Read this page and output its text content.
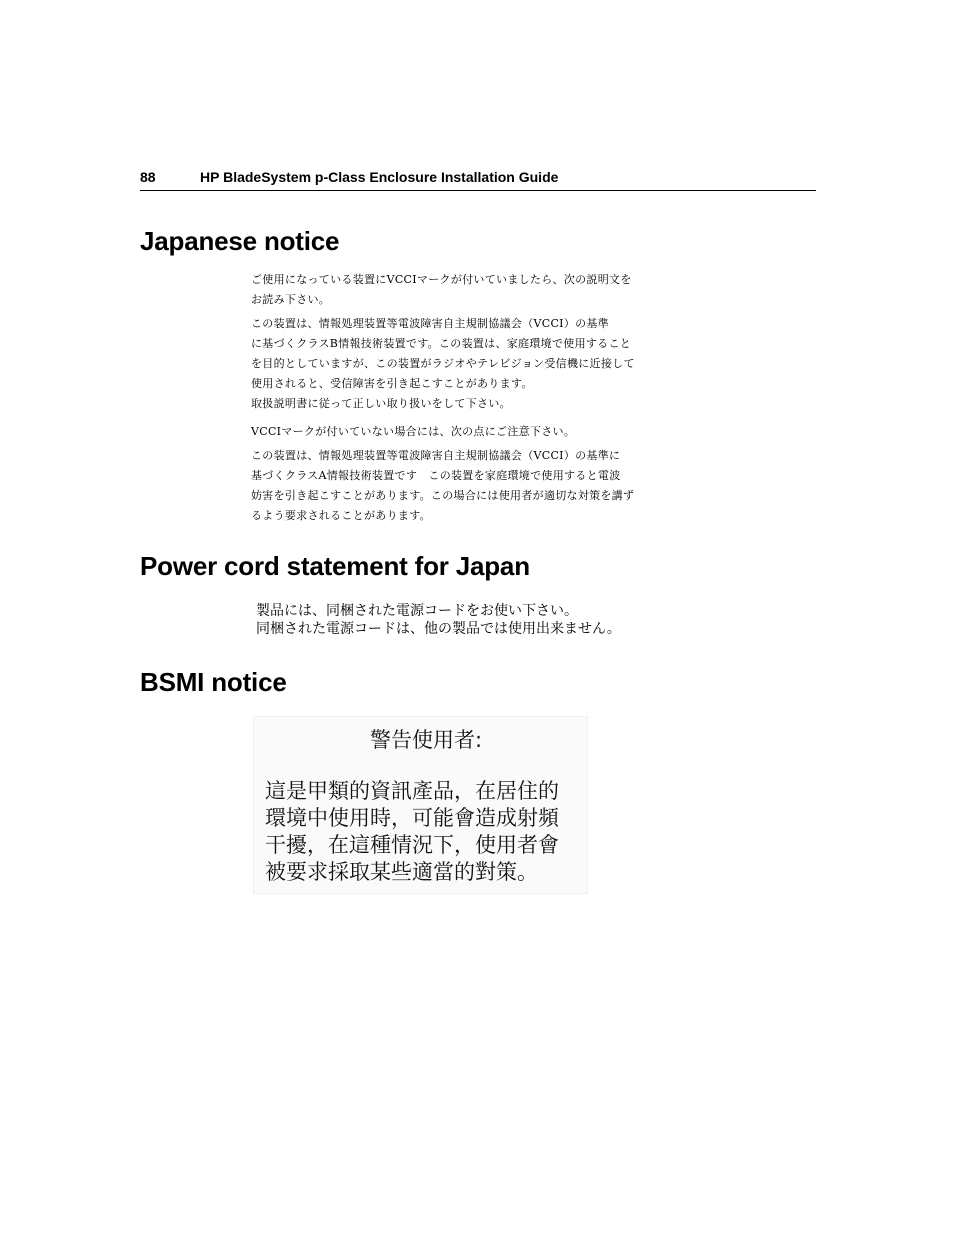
88	HP BladeSystem p-Class Enclosure Installation Guide
Japanese notice
ご使用になっている装置にVCCIマークが付いていましたら、次の説明文を
お読み下さい。
この装置は、情報処理装置等電波障害自主規制協議会（VCCI）の基準
に基づくクラスB情報技術装置です。この装置は、家庭環境で使用すること
を目的としていますが、この装置がラジオやテレビジョン受信機に近接して
使用されると、受信障害を引き起こすことがあります。
取扱説明書に従って正しい取り扱いをして下さい。
VCCIマークが付いていない場合には、次の点にご注意下さい。
この装置は、情報処理装置等電波障害自主規制協議会（VCCI）の基準に
基づくクラスA情報技術装置です　この装置を家庭環境で使用すると電波
妨害を引き起こすことがあります。この場合には使用者が適切な対策を講ず
るよう要求されることがあります。
Power cord statement for Japan
製品には、同梱された電源コードをお使い下さい。
同梱された電源コードは、他の製品では使用出来ません。
BSMI notice
警告使用者:
這是甲類的資訊產品，在居住的
環境中使用時，可能會造成射頻
干擾，在這種情況下，使用者會
被要求採取某些適當的對策。
